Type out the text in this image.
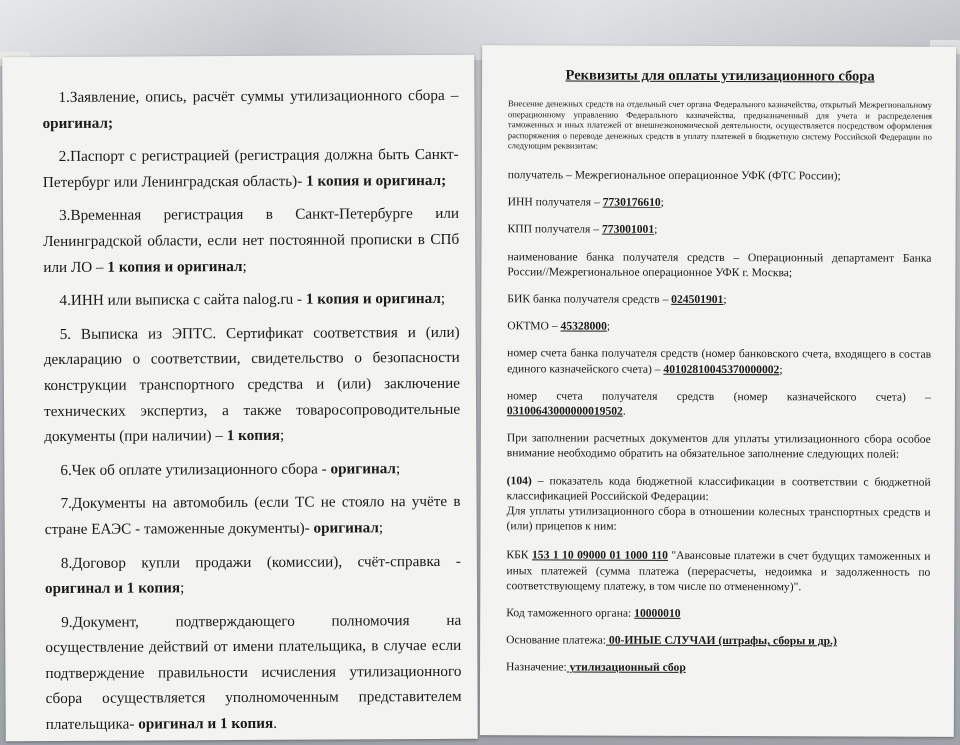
1.Заявление, опись, расчёт суммы утилизационного сбора – оригинал;

2.Паспорт с регистрацией (регистрация должна быть Санкт-Петербург или Ленинградская область)- 1 копия и оригинал;

3.Временная регистрация в Санкт-Петербурге или Ленинградской области, если нет постоянной прописки в СПб или ЛО – 1 копия и оригинал;

4.ИНН или выписка с сайта nalog.ru - 1 копия и оригинал;

5. Выписка из ЭПТС. Сертификат соответствия и (или) декларацию о соответствии, свидетельство о безопасности конструкции транспортного средства и (или) заключение технических экспертиз, а также товаросопроводительные документы (при наличии) – 1 копия;

6.Чек об оплате утилизационного сбора - оригинал;

7.Документы на автомобиль (если ТС не стояло на учёте в стране ЕАЭС - таможенные документы)- оригинал;

8.Договор купли продажи (комиссии), счёт-справка - оригинал и 1 копия;

9.Документ, подтверждающего полномочия на осуществление действий от имени плательщика, в случае если подтверждение правильности исчисления утилизационного сбора осуществляется уполномоченным представителем плательщика- оригинал и 1 копия.

Реквизиты для оплаты утилизационного сбора
Внесение денежных средств на отдельный счет органа Федерального казначейства, открытый Межрегиональному операционному управлению Федерального казначейства, предназначенный для учета и распределения таможенных и иных платежей от внешнеэкономической деятельности, осуществляется посредством оформления распоряжения о переводе денежных средств в уплату платежей в бюджетную систему Российской Федерации по следующим реквизитам:
получатель – Межрегиональное операционное УФК (ФТС России);
ИНН получателя – 7730176610;
КПП получателя – 773001001;
наименование банка получателя средств – Операционный департамент Банка России//Межрегиональное операционное УФК г. Москва;
БИК банка получателя средств – 024501901;
ОКТМО – 45328000;
номер счета банка получателя средств (номер банковского счета, входящего в состав единого казначейского счета) – 40102810045370000002;
номер счета получателя средств (номер казначейского счета) – 03100643000000019502.
При заполнении расчетных документов для уплаты утилизационного сбора особое внимание необходимо обратить на обязательное заполнение следующих полей:
(104) – показатель кода бюджетной классификации в соответствии с бюджетной классификацией Российской Федерации:
Для уплаты утилизационного сбора в отношении колесных транспортных средств и (или) прицепов к ним:
КБК 153 1 10 09000 01 1000 110 "Авансовые платежи в счет будущих таможенных и иных платежей (сумма платежа (перерасчеты, недоимка и задолженность по соответствующему платежу, в том числе по отмененному)".
Код таможенного органа: 10000010
Основание платежа: 00-ИНЫЕ СЛУЧАИ (штрафы, сборы и др.)
Назначение: утилизационный сбор
